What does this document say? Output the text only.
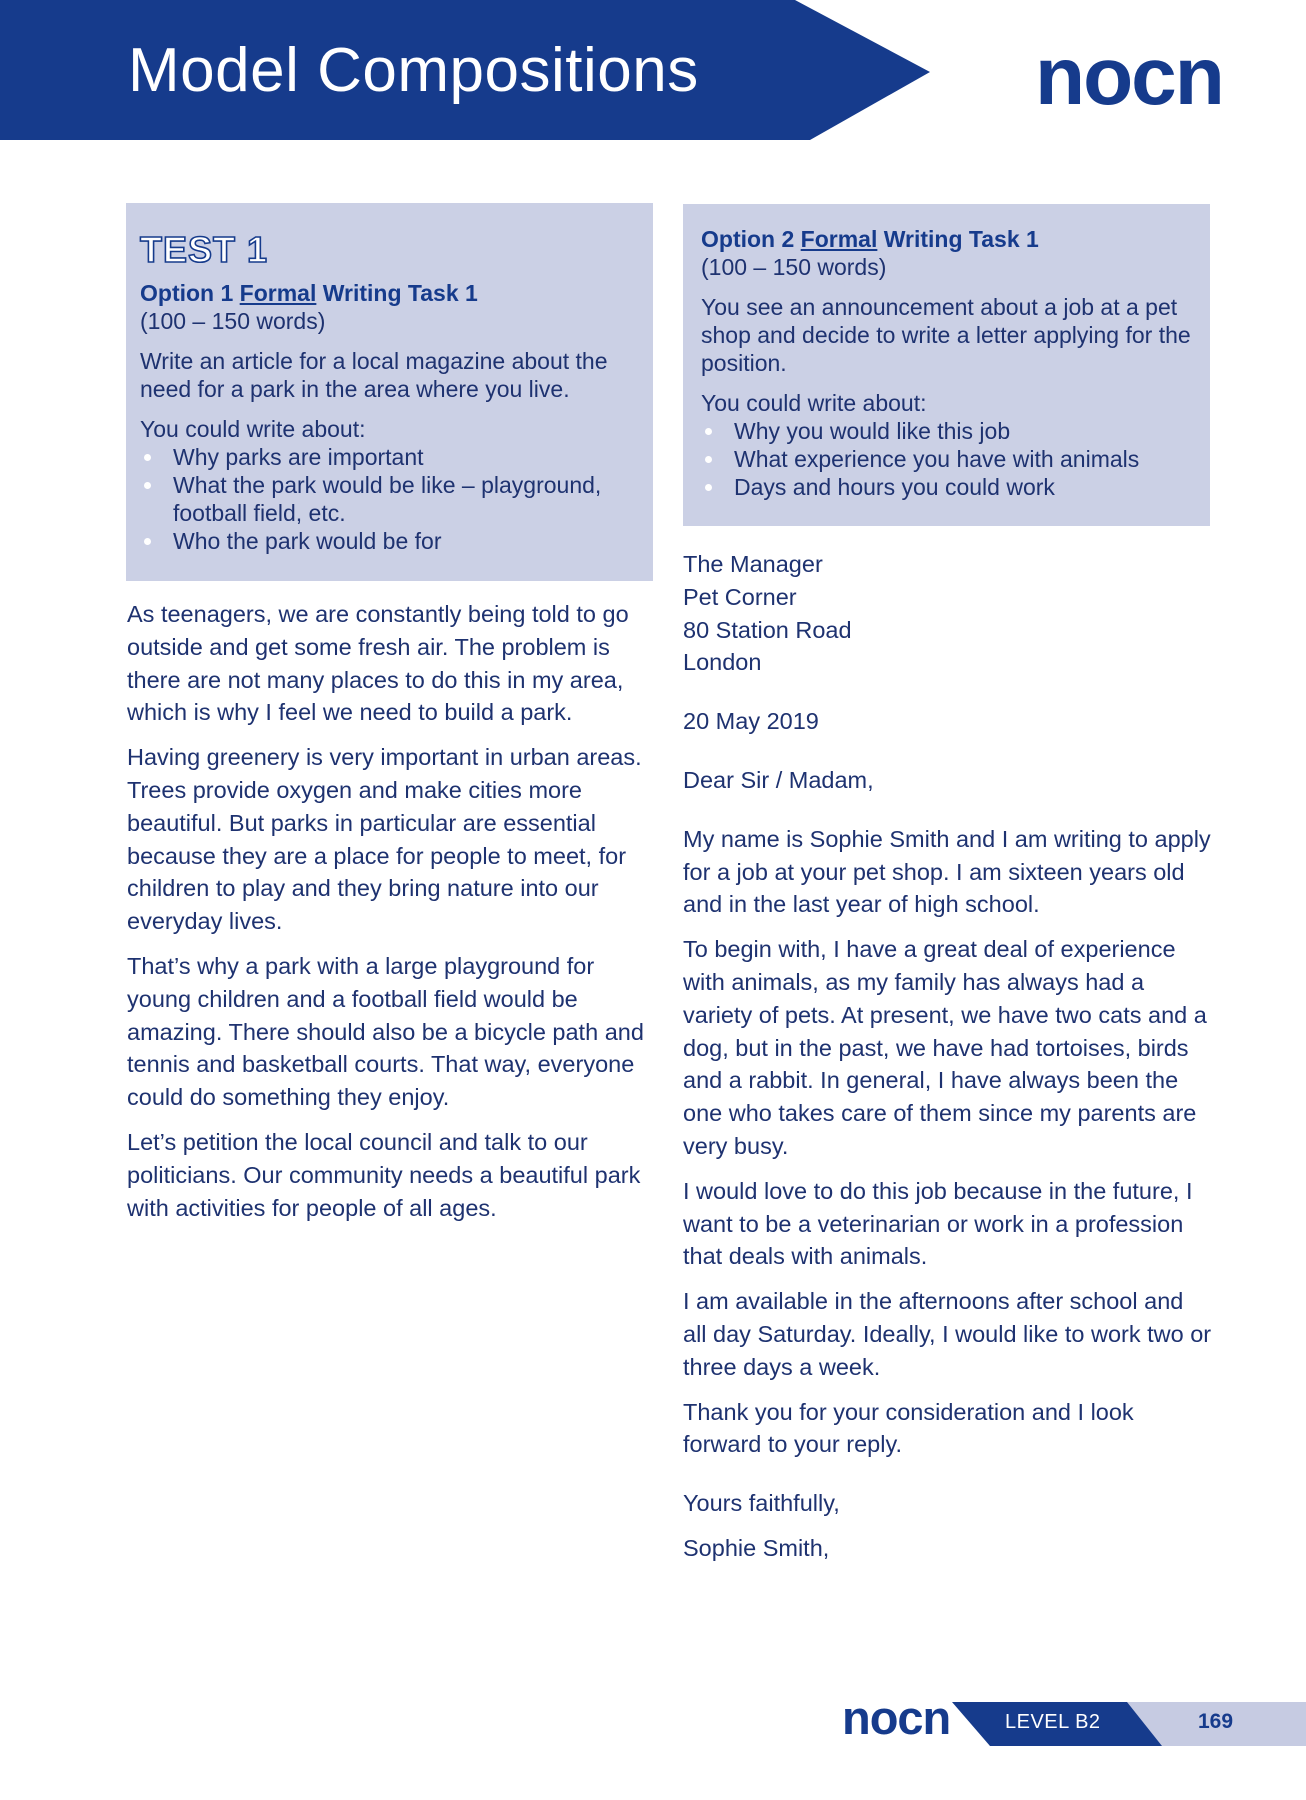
Model Compositions	nocn
TEST 1
Option 1 Formal Writing Task 1

(100 – 150 words)

Write an article for a local magazine about the need for a park in the area where you live.

You could write about:

Why parks are important
What the park would be like – playground, football field, etc.
Who the park would be for

As teenagers, we are constantly being told to go outside and get some fresh air. The problem is there are not many places to do this in my area, which is why I feel we need to build a park.

Having greenery is very important in urban areas. Trees provide oxygen and make cities more beautiful. But parks in particular are essential because they are a place for people to meet, for children to play and they bring nature into our everyday lives.

That’s why a park with a large playground for young children and a football field would be amazing. There should also be a bicycle path and tennis and basketball courts. That way, everyone could do something they enjoy.

Let’s petition the local council and talk to our politicians. Our community needs a beautiful park with activities for people of all ages.

Option 2 Formal Writing Task 1

(100 – 150 words)

You see an announcement about a job at a pet shop and decide to write a letter applying for the position.

You could write about:

Why you would like this job
What experience you have with animals
Days and hours you could work

The Manager
Pet Corner
80 Station Road
London

20 May 2019

Dear Sir / Madam,

My name is Sophie Smith and I am writing to apply for a job at your pet shop. I am sixteen years old and in the last year of high school.

To begin with, I have a great deal of experience with animals, as my family has always had a variety of pets. At present, we have two cats and a dog, but in the past, we have had tortoises, birds and a rabbit. In general, I have always been the one who takes care of them since my parents are very busy.

I would love to do this job because in the future, I want to be a veterinarian or work in a profession that deals with animals.

I am available in the afternoons after school and all day Saturday. Ideally, I would like to work two or three days a week.

Thank you for your consideration and I look forward to your reply.

Yours faithfully,

Sophie Smith,

nocn	LEVEL B2	169
